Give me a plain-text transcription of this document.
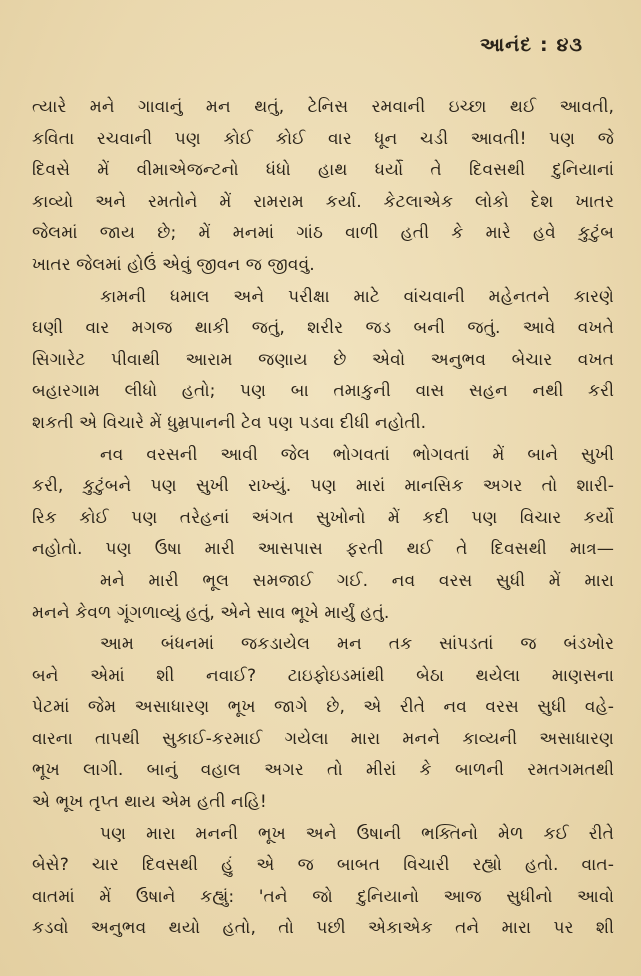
આનંદ : ૪૩
ત્યારે મને ગાવાનું મન થતું, ટેનિસ રમવાની ઇચ્છા થઈ આવતી,
કવિતા રચવાની પણ કોઈ કોઈ વાર ધૂન ચડી આવતી! પણ જે
દિવસે મેં વીમાએજન્ટનો ધંધો હાથ ધર્યો તે દિવસથી દુનિયાનાં
કાવ્યો અને રમતોને મેં રામરામ કર્યા. કેટલાએક લોકો દેશ ખાતર
જેલમાં જાય છે; મેં મનમાં ગાંઠ વાળી હતી કે મારે હવે કુટુંબ
ખાતર જેલમાં હોઉં એવું જીવન જ જીવવું.
કામની ધમાલ અને પરીક્ષા માટે વાંચવાની મહેનતને કારણે
ઘણી વાર મગજ થાકી જતું, શરીર જડ બની જતું. આવે વખતે
સિગારેટ પીવાથી આરામ જણાય છે એવો અનુભવ બેચાર વખત
બહારગામ લીધો હતો; પણ બા તમાકુની વાસ સહન નથી કરી
શકતી એ વિચારે મેં ધુમ્રપાનની ટેવ પણ પડવા દીધી નહોતી.
નવ વરસની આવી જેલ ભોગવતાં ભોગવતાં મેં બાને સુખી
કરી, કુટુંબને પણ સુખી રાખ્યું. પણ મારાં માનસિક અગર તો શારી-
રિક કોઈ પણ તરેહનાં અંગત સુખોનો મેં કદી પણ વિચાર કર્યો
નહોતો. પણ ઉષા મારી આસપાસ ફરતી થઈ તે દિવસથી માત્ર—
મને મારી ભૂલ સમજાઈ ગઈ. નવ વરસ સુધી મેં મારા
મનને કેવળ ગૂંગળાવ્યું હતું, એને સાવ ભૂખે માર્યું હતું.
આમ બંધનમાં જકડાયેલ મન તક સાંપડતાં જ બંડખોર
બને એમાં શી નવાઈ? ટાઇફોઇડમાંથી બેઠા થયેલા માણસના
પેટમાં જેમ અસાધારણ ભૂખ જાગે છે, એ રીતે નવ વરસ સુધી વહે-
વારના તાપથી સુકાઈ-કરમાઈ ગયેલા મારા મનને કાવ્યની અસાધારણ
ભૂખ લાગી. બાનું વહાલ અગર તો મીરાં કે બાળની રમતગમતથી
એ ભૂખ તૃપ્ત થાય એમ હતી નહિ!
પણ મારા મનની ભૂખ અને ઉષાની ભક્તિનો મેળ કઈ રીતે
બેસે? ચાર દિવસથી હું એ જ બાબત વિચારી રહ્યો હતો. વાત-
વાતમાં મેં ઉષાને કહ્યું: 'તને જો દુનિયાનો આજ સુધીનો આવો
કડવો અનુભવ થયો હતો, તો પછી એકાએક તને મારા પર શી
